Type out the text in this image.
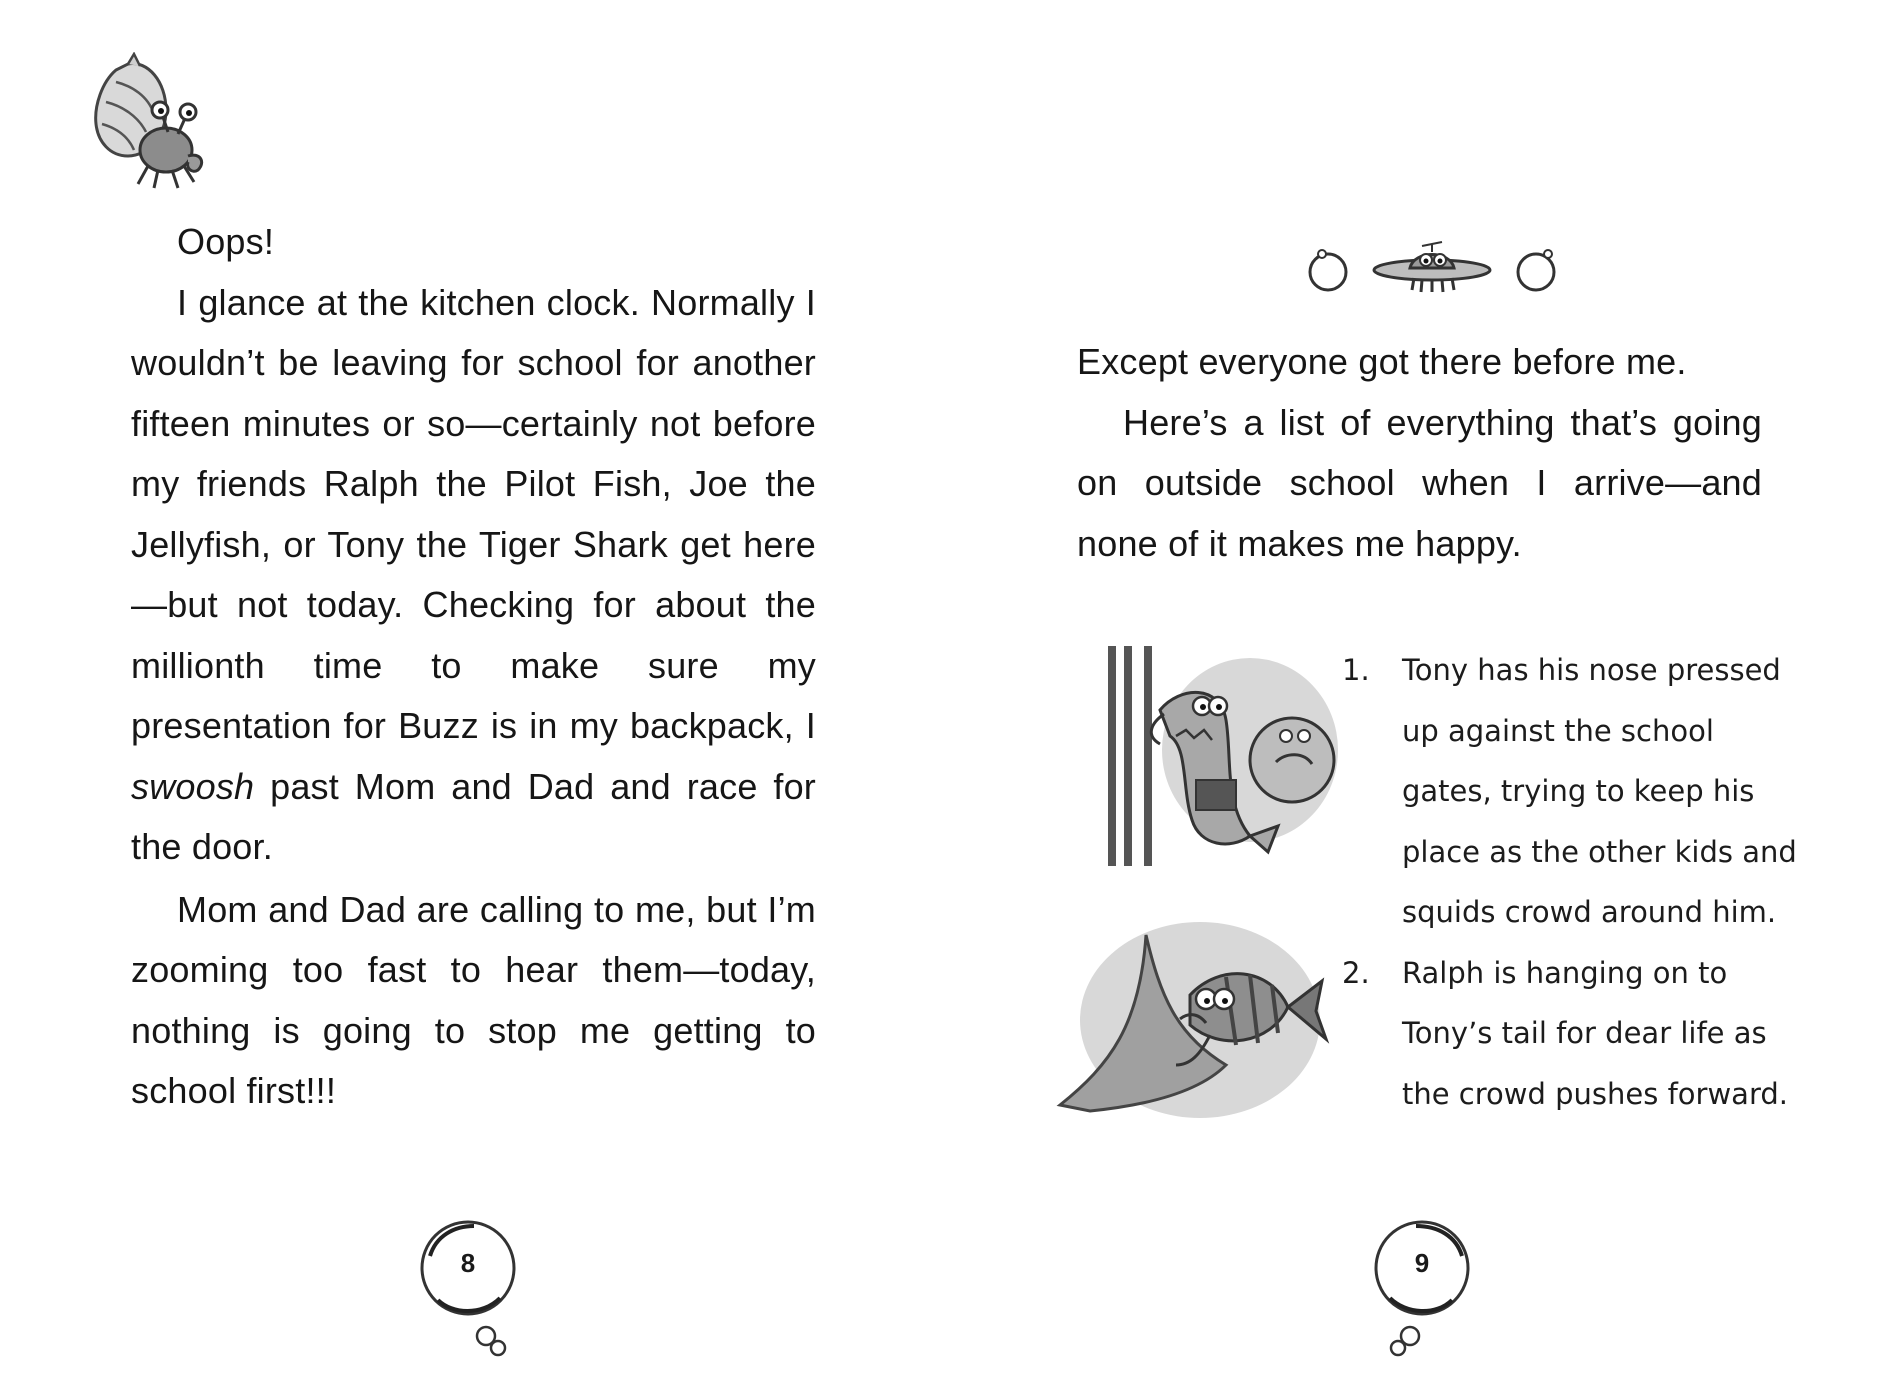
Oops!

I glance at the kitchen clock. Normally I wouldn’t be leaving for school for another fifteen minutes or so—certainly not before my friends Ralph the Pilot Fish, Joe the Jellyfish, or Tony the Tiger Shark get here—but not today. Checking for about the millionth time to make sure my presentation for Buzz is in my backpack, I swoosh past Mom and Dad and race for the door.

Mom and Dad are calling to me, but I’m zooming too fast to hear them—today, nothing is going to stop me getting to school first!!!

8

Except everyone got there before me.

Here’s a list of everything that’s going on outside school when I arrive—and none of it makes me happy.

1. Tony has his nose pressed up against the school gates, trying to keep his place as the other kids and squids crowd around him.
2. Ralph is hanging on to Tony’s tail for dear life as the crowd pushes forward.
9
